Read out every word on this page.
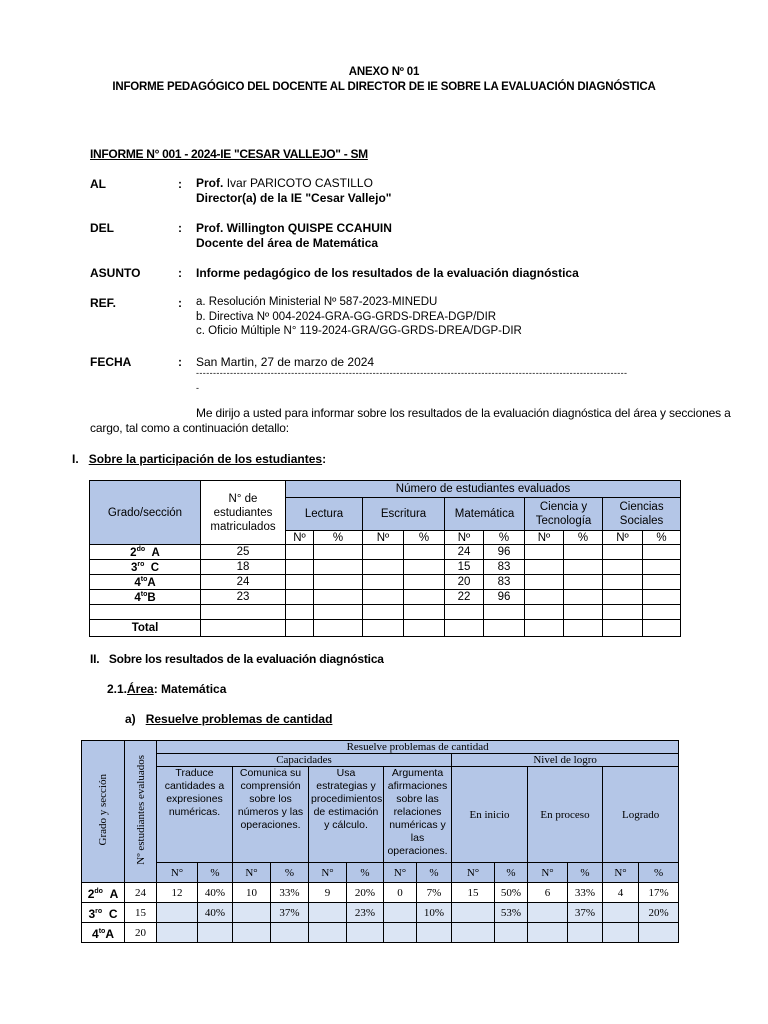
ANEXO Nº 01
INFORME PEDAGÓGICO DEL DOCENTE AL DIRECTOR DE IE SOBRE LA EVALUACIÓN DIAGNÓSTICA
INFORME N° 001 - 2024-IE "CESAR VALLEJO" - SM
AL	: Prof. Ivar PARICOTO CASTILLO
Director(a) de la IE "Cesar Vallejo"
DEL	: Prof. Willington QUISPE CCAHUIN
Docente del área de Matemática
ASUNTO	: Informe pedagógico de los resultados de la evaluación diagnóstica
REF.	: a. Resolución Ministerial Nº 587-2023-MINEDU
b. Directiva Nº 004-2024-GRA-GG-GRDS-DREA-DGP/DIR
c. Oficio Múltiple N° 119-2024-GRA/GG-GRDS-DREA/DGP-DIR
FECHA	: San Martin, 27 de marzo de 2024
-------------------------------------------------------------------------------------------------------------------------------
-
Me dirijo a usted para informar sobre los resultados de la evaluación diagnóstica del área y secciones a
cargo, tal como a continuación detallo:
I. Sobre la participación de los estudiantes:
Grado/sección	N° de estudiantes matriculados	Número de estudiantes evaluados									
		Lectura		Escritura		Matemática		Ciencia y Tecnología		Ciencias Sociales	
		Nº	%	Nº	%	Nº	%	Nº	%	Nº	%
$2^{do}$ A	25					24	96				
$3^{ro}$ C	18					15	83				
$4^{to}A$	24					20	83				
$4^{to}B$	23					22	96				

Total											
II. Sobre los resultados de la evaluación diagnóstica
2.1.Área: Matemática
a) Resuelve problemas de cantidad
Grado y sección	Nº estudiantes evaluados	Resuelve problemas de cantidad													
		Capacidades								Nivel de logro					
		Traduce cantidades a expresiones numéricas.		Comunica su comprensión sobre los números y las operaciones.		Usa estrategias y procedimientos de estimación y cálculo.		Argumenta afirmaciones sobre las relaciones numéricas y las operaciones.		En inicio		En proceso		Logrado	
		N°	%	N°	%	N°	%	N°	%	N°	%	N°	%	N°	%
$2^{do}$ A	24	12	40%	10	33%	9	20%	0	7%	15	50%	6	33%	4	17%
$3^{ro}$ C	15		40%		37%		23%		10%		53%		37%		20%
$4^{to}A$	20														
